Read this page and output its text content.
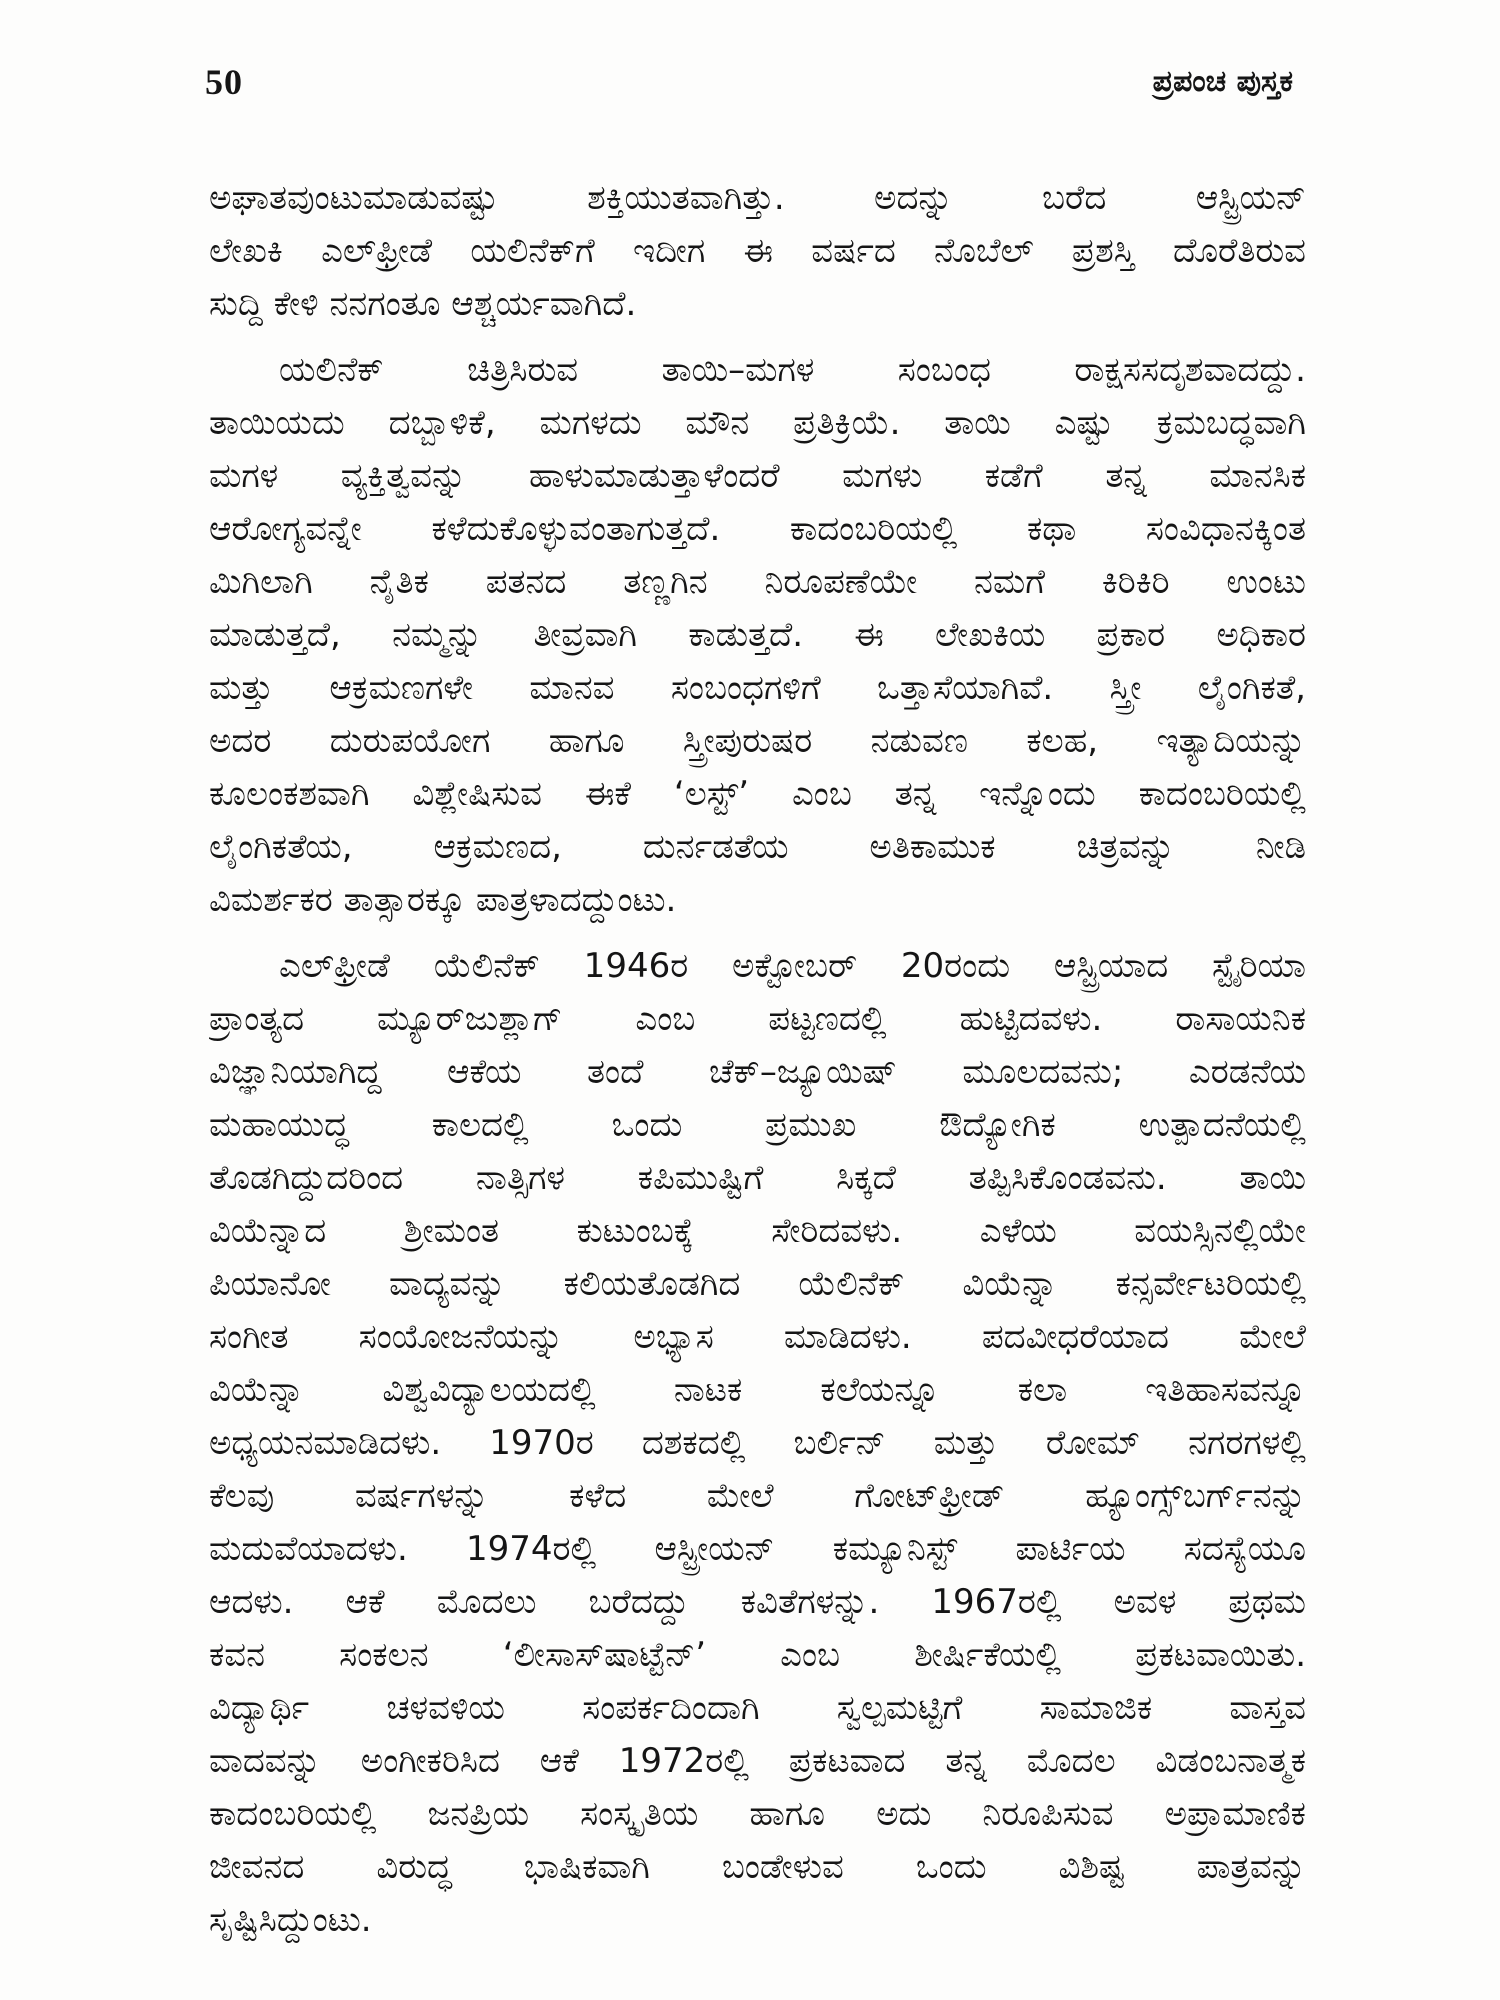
50	ಪ್ರಪಂಚ ಪುಸ್ತಕ
ಅಘಾತವುಂಟುಮಾಡುವಷ್ಟು ಶಕ್ತಿಯುತವಾಗಿತ್ತು. ಅದನ್ನು ಬರೆದ ಆಸ್ಟ್ರಿಯನ್
ಲೇಖಕಿ ಎಲ್‌ಫ್ರೀಡೆ ಯಲಿನೆಕ್‌ಗೆ ಇದೀಗ ಈ ವರ್ಷದ ನೊಬೆಲ್ ಪ್ರಶಸ್ತಿ ದೊರೆತಿರುವ
ಸುದ್ದಿ ಕೇಳಿ ನನಗಂತೂ ಆಶ್ಚರ್ಯವಾಗಿದೆ.
ಯಲಿನೆಕ್ ಚಿತ್ರಿಸಿರುವ ತಾಯಿ–ಮಗಳ ಸಂಬಂಧ ರಾಕ್ಷಸಸದೃಶವಾದದ್ದು.
ತಾಯಿಯದು ದಬ್ಬಾಳಿಕೆ, ಮಗಳದು ಮೌನ ಪ್ರತಿಕ್ರಿಯೆ. ತಾಯಿ ಎಷ್ಟು ಕ್ರಮಬದ್ಧವಾಗಿ
ಮಗಳ ವ್ಯಕ್ತಿತ್ವವನ್ನು ಹಾಳುಮಾಡುತ್ತಾಳೆಂದರೆ ಮಗಳು ಕಡೆಗೆ ತನ್ನ ಮಾನಸಿಕ
ಆರೋಗ್ಯವನ್ನೇ ಕಳೆದುಕೊಳ್ಳುವಂತಾಗುತ್ತದೆ. ಕಾದಂಬರಿಯಲ್ಲಿ ಕಥಾ ಸಂವಿಧಾನಕ್ಕಿಂತ
ಮಿಗಿಲಾಗಿ ನೈತಿಕ ಪತನದ ತಣ್ಣಗಿನ ನಿರೂಪಣೆಯೇ ನಮಗೆ ಕಿರಿಕಿರಿ ಉಂಟು
ಮಾಡುತ್ತದೆ, ನಮ್ಮನ್ನು ತೀವ್ರವಾಗಿ ಕಾಡುತ್ತದೆ. ಈ ಲೇಖಕಿಯ ಪ್ರಕಾರ ಅಧಿಕಾರ
ಮತ್ತು ಆಕ್ರಮಣಗಳೇ ಮಾನವ ಸಂಬಂಧಗಳಿಗೆ ಒತ್ತಾಸೆಯಾಗಿವೆ. ಸ್ತ್ರೀ ಲೈಂಗಿಕತೆ,
ಅದರ ದುರುಪಯೋಗ ಹಾಗೂ ಸ್ತ್ರೀಪುರುಷರ ನಡುವಣ ಕಲಹ, ಇತ್ಯಾದಿಯನ್ನು
ಕೂಲಂಕಶವಾಗಿ ವಿಶ್ಲೇಷಿಸುವ ಈಕೆ ‘ಲಸ್ಟ್’ ಎಂಬ ತನ್ನ ಇನ್ನೊಂದು ಕಾದಂಬರಿಯಲ್ಲಿ
ಲೈಂಗಿಕತೆಯ, ಆಕ್ರಮಣದ, ದುರ್ನಡತೆಯ ಅತಿಕಾಮುಕ ಚಿತ್ರವನ್ನು ನೀಡಿ
ವಿಮರ್ಶಕರ ತಾತ್ಸಾರಕ್ಕೂ ಪಾತ್ರಳಾದದ್ದುಂಟು.
ಎಲ್‌ಫ್ರೀಡೆ ಯೆಲಿನೆಕ್ 1946ರ ಅಕ್ಟೋಬರ್ 20ರಂದು ಆಸ್ಟ್ರಿಯಾದ ಸ್ಟೈರಿಯಾ
ಪ್ರಾಂತ್ಯದ ಮ್ಯೂರ್‌ಜುಶ್ಲಾಗ್ ಎಂಬ ಪಟ್ಟಣದಲ್ಲಿ ಹುಟ್ಟಿದವಳು. ರಾಸಾಯನಿಕ
ವಿಜ್ಞಾನಿಯಾಗಿದ್ದ ಆಕೆಯ ತಂದೆ ಚೆಕ್–ಜ್ಯೂಯಿಷ್ ಮೂಲದವನು; ಎರಡನೆಯ
ಮಹಾಯುದ್ಧ ಕಾಲದಲ್ಲಿ ಒಂದು ಪ್ರಮುಖ ಔದ್ಯೋಗಿಕ ಉತ್ಪಾದನೆಯಲ್ಲಿ
ತೊಡಗಿದ್ದುದರಿಂದ ನಾತ್ಸಿಗಳ ಕಪಿಮುಷ್ಟಿಗೆ ಸಿಕ್ಕದೆ ತಪ್ಪಿಸಿಕೊಂಡವನು. ತಾಯಿ
ವಿಯೆನ್ನಾದ ಶ್ರೀಮಂತ ಕುಟುಂಬಕ್ಕೆ ಸೇರಿದವಳು. ಎಳೆಯ ವಯಸ್ಸಿನಲ್ಲಿಯೇ
ಪಿಯಾನೋ ವಾದ್ಯವನ್ನು ಕಲಿಯತೊಡಗಿದ ಯೆಲಿನೆಕ್ ವಿಯೆನ್ನಾ ಕನ್ಸರ್ವೇಟರಿಯಲ್ಲಿ
ಸಂಗೀತ ಸಂಯೋಜನೆಯನ್ನು ಅಭ್ಯಾಸ ಮಾಡಿದಳು. ಪದವೀಧರೆಯಾದ ಮೇಲೆ
ವಿಯೆನ್ನಾ ವಿಶ್ವವಿದ್ಯಾಲಯದಲ್ಲಿ ನಾಟಕ ಕಲೆಯನ್ನೂ ಕಲಾ ಇತಿಹಾಸವನ್ನೂ
ಅಧ್ಯಯನಮಾಡಿದಳು. 1970ರ ದಶಕದಲ್ಲಿ ಬರ್ಲಿನ್ ಮತ್ತು ರೋಮ್ ನಗರಗಳಲ್ಲಿ
ಕೆಲವು ವರ್ಷಗಳನ್ನು ಕಳೆದ ಮೇಲೆ ಗೋಟ್‌ಫ್ರೀಡ್ ಹ್ಯೂಂಗ್ಸ್‌ಬರ್ಗ್‌ನನ್ನು
ಮದುವೆಯಾದಳು. 1974ರಲ್ಲಿ ಆಸ್ಟ್ರೀಯನ್ ಕಮ್ಯೂನಿಸ್ಟ್ ಪಾರ್ಟಿಯ ಸದಸ್ಯೆಯೂ
ಆದಳು. ಆಕೆ ಮೊದಲು ಬರೆದದ್ದು ಕವಿತೆಗಳನ್ನು. 1967ರಲ್ಲಿ ಅವಳ ಪ್ರಥಮ
ಕವನ ಸಂಕಲನ ‘ಲೀಸಾಸ್‌ಷಾಟ್ಟೆನ್’ ಎಂಬ ಶೀರ್ಷಿಕೆಯಲ್ಲಿ ಪ್ರಕಟವಾಯಿತು.
ವಿದ್ಯಾರ್ಥಿ ಚಳವಳಿಯ ಸಂಪರ್ಕದಿಂದಾಗಿ ಸ್ವಲ್ಪಮಟ್ಟಿಗೆ ಸಾಮಾಜಿಕ ವಾಸ್ತವ
ವಾದವನ್ನು ಅಂಗೀಕರಿಸಿದ ಆಕೆ 1972ರಲ್ಲಿ ಪ್ರಕಟವಾದ ತನ್ನ ಮೊದಲ ವಿಡಂಬನಾತ್ಮಕ
ಕಾದಂಬರಿಯಲ್ಲಿ ಜನಪ್ರಿಯ ಸಂಸ್ಕೃತಿಯ ಹಾಗೂ ಅದು ನಿರೂಪಿಸುವ ಅಪ್ರಾಮಾಣಿಕ
ಜೀವನದ ವಿರುದ್ಧ ಭಾಷಿಕವಾಗಿ ಬಂಡೇಳುವ ಒಂದು ವಿಶಿಷ್ಟ ಪಾತ್ರವನ್ನು
ಸೃಷ್ಟಿಸಿದ್ದುಂಟು.
